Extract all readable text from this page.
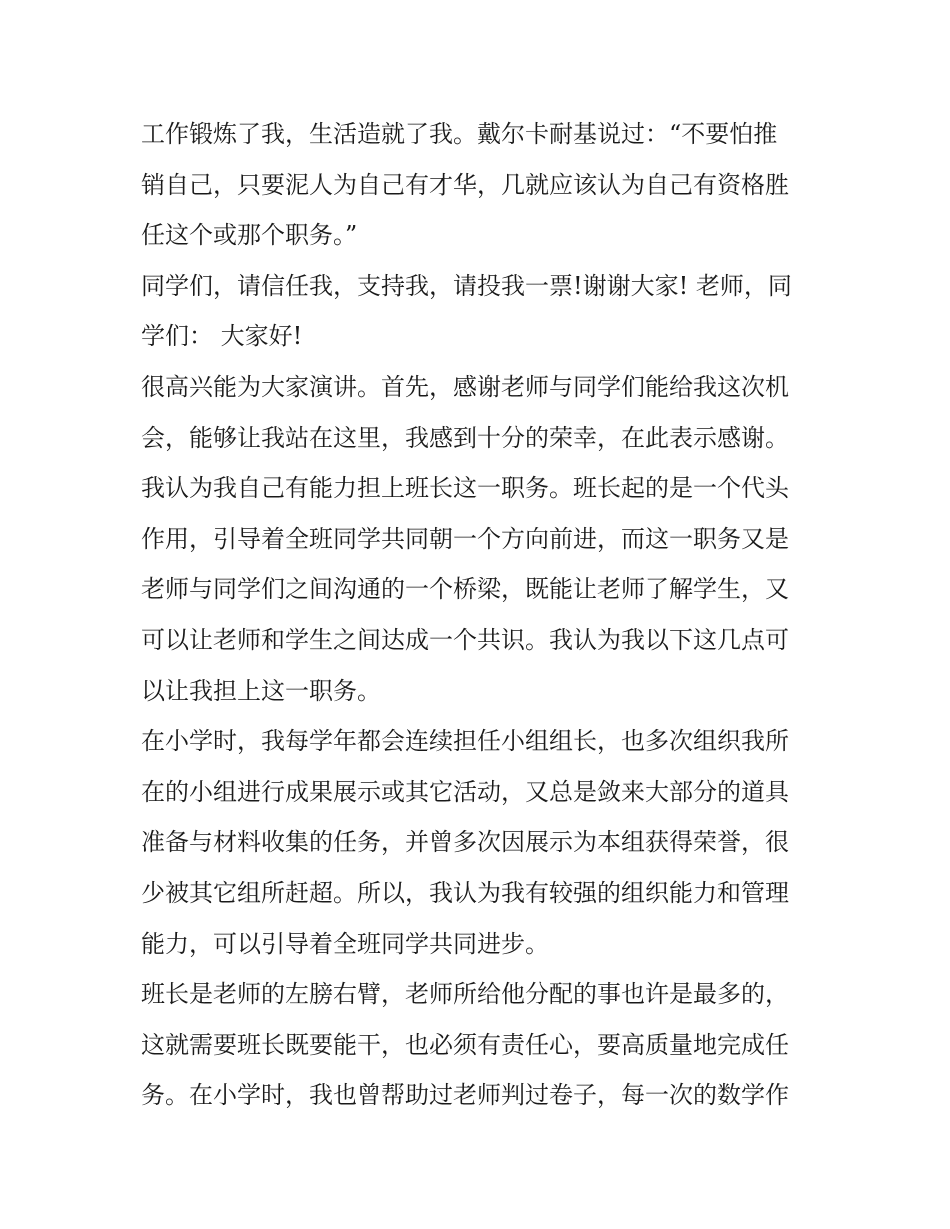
工作锻炼了我，生活造就了我。戴尔卡耐基说过：“不要怕推
销自己，只要泥人为自己有才华，几就应该认为自己有资格胜
任这个或那个职务。”
同学们，请信任我，支持我，请投我一票!谢谢大家! 老师，同
学们： 大家好!
很高兴能为大家演讲。首先，感谢老师与同学们能给我这次机
会，能够让我站在这里，我感到十分的荣幸，在此表示感谢。
我认为我自己有能力担上班长这一职务。班长起的是一个代头
作用，引导着全班同学共同朝一个方向前进，而这一职务又是
老师与同学们之间沟通的一个桥梁，既能让老师了解学生，又
可以让老师和学生之间达成一个共识。我认为我以下这几点可
以让我担上这一职务。
在小学时，我每学年都会连续担任小组组长，也多次组织我所
在的小组进行成果展示或其它活动，又总是敛来大部分的道具
准备与材料收集的任务，并曾多次因展示为本组获得荣誉，很
少被其它组所赶超。所以，我认为我有较强的组织能力和管理
能力，可以引导着全班同学共同进步。
班长是老师的左膀右臂，老师所给他分配的事也许是最多的，
这就需要班长既要能干，也必须有责任心，要高质量地完成任
务。在小学时，我也曾帮助过老师判过卷子，每一次的数学作
